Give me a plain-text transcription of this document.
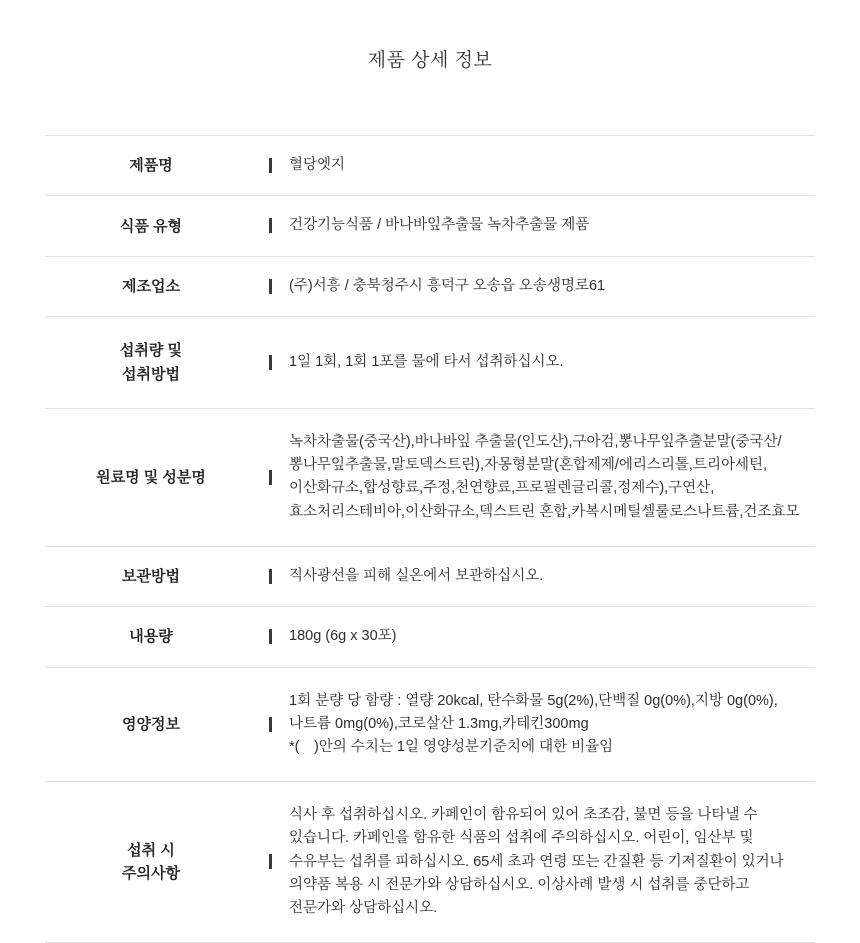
제품 상세 정보
제품명		혈당엣지
식품 유형		건강기능식품 / 바나바잎추출물 녹차추출물 제품
제조업소		(주)서흥 / 충북청주시 흥덕구 오송읍 오송생명로61
섭취량 및
섭취방법		1일 1회, 1회 1포를 물에 타서 섭취하십시오.
원료명 및 성분명		녹차차출물(중국산),바나바잎 추출물(인도산),구아검,뽕나무잎추출분말(중국산/뽕나무잎추출물,말토덱스트린),자몽형분말(혼합제제/에리스리톨,트리아세틴,이산화규소,합성향료,주정,천연향료,프로필렌글리콜,정제수),구연산,효소처리스테비아,이산화규소,덱스트린 혼합,카복시메틸셀룰로스나트륨,건조효모
보관방법		직사광선을 피해 실온에서 보관하십시오.
내용량		180g (6g x 30포)
영양정보		1회 분량 당 함량 : 열량 20kcal, 탄수화물 5g(2%),단백질 0g(0%),지방 0g(0%),나트륨 0mg(0%),코로살산 1.3mg,카테킨300mg
*(　)안의 수치는 1일 영양성분기준치에 대한 비율임
섭취 시
주의사항		식사 후 섭취하십시오. 카페인이 함유되어 있어 초조감, 불면 등을 나타낼 수 있습니다. 카페인을 함유한 식품의 섭취에 주의하십시오. 어린이, 임산부 및 수유부는 섭취를 피하십시오. 65세 초과 연령 또는 간질환 등 기저질환이 있거나 의약품 복용 시 전문가와 상담하십시오. 이상사례 발생 시 섭취를 중단하고 전문가와 상담하십시오.
